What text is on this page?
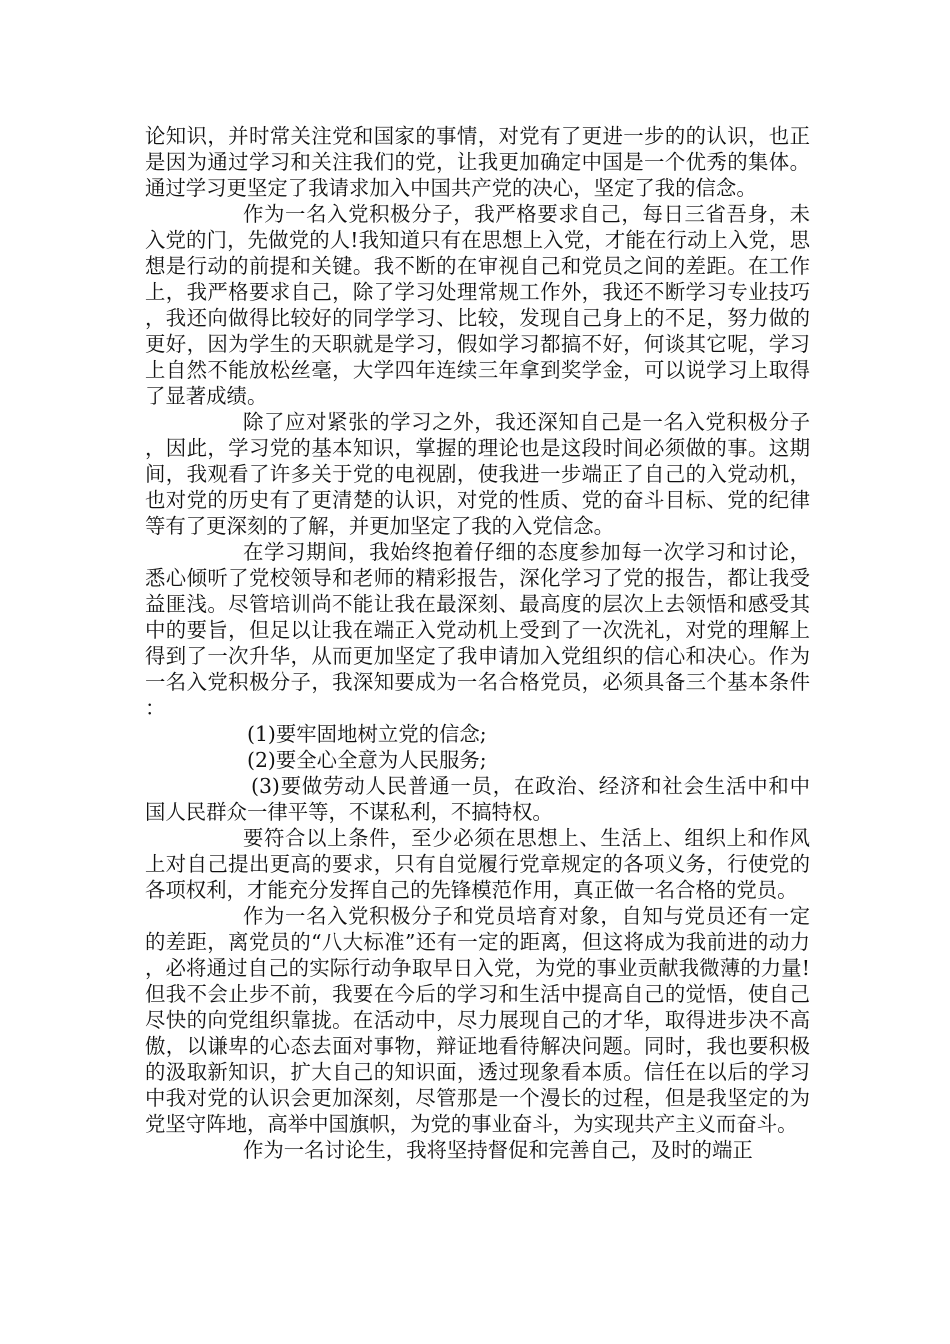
论知识，并时常关注党和国家的事情，对党有了更进一步的的认识，也正是因为通过学习和关注我们的党，让我更加确定中国是一个优秀的集体。通过学习更坚定了我请求加入中国共产党的决心，坚定了我的信念。

作为一名入党积极分子，我严格要求自己，每日三省吾身，未入党的门，先做党的人!我知道只有在思想上入党，才能在行动上入党，思想是行动的前提和关键。我不断的在审视自己和党员之间的差距。在工作上，我严格要求自己，除了学习处理常规工作外，我还不断学习专业技巧，我还向做得比较好的同学学习、比较，发现自己身上的不足，努力做的更好，因为学生的天职就是学习，假如学习都搞不好，何谈其它呢，学习上自然不能放松丝毫，大学四年连续三年拿到奖学金，可以说学习上取得了显著成绩。

除了应对紧张的学习之外，我还深知自己是一名入党积极分子，因此，学习党的基本知识，掌握的理论也是这段时间必须做的事。这期间，我观看了许多关于党的电视剧，使我进一步端正了自己的入党动机，也对党的历史有了更清楚的认识，对党的性质、党的奋斗目标、党的纪律等有了更深刻的了解，并更加坚定了我的入党信念。

在学习期间，我始终抱着仔细的态度参加每一次学习和讨论，悉心倾听了党校领导和老师的精彩报告，深化学习了党的报告，都让我受益匪浅。尽管培训尚不能让我在最深刻、最高度的层次上去领悟和感受其中的要旨，但足以让我在端正入党动机上受到了一次洗礼，对党的理解上得到了一次升华，从而更加坚定了我申请加入党组织的信心和决心。作为一名入党积极分子，我深知要成为一名合格党员，必须具备三个基本条件：

(1)要牢固地树立党的信念;

(2)要全心全意为人民服务;

(3)要做劳动人民普通一员，在政治、经济和社会生活中和中国人民群众一律平等，不谋私利，不搞特权。

要符合以上条件，至少必须在思想上、生活上、组织上和作风上对自己提出更高的要求，只有自觉履行党章规定的各项义务，行使党的各项权利，才能充分发挥自己的先锋模范作用，真正做一名合格的党员。

作为一名入党积极分子和党员培育对象，自知与党员还有一定的差距，离党员的“八大标准”还有一定的距离，但这将成为我前进的动力，必将通过自己的实际行动争取早日入党，为党的事业贡献我微薄的力量!但我不会止步不前，我要在今后的学习和生活中提高自己的觉悟，使自己尽快的向党组织靠拢。在活动中，尽力展现自己的才华，取得进步决不高傲，以谦卑的心态去面对事物，辩证地看待解决问题。同时，我也要积极的汲取新知识，扩大自己的知识面，透过现象看本质。信任在以后的学习中我对党的认识会更加深刻，尽管那是一个漫长的过程，但是我坚定的为党坚守阵地，高举中国旗帜，为党的事业奋斗，为实现共产主义而奋斗。

作为一名讨论生，我将坚持督促和完善自己，及时的端正
